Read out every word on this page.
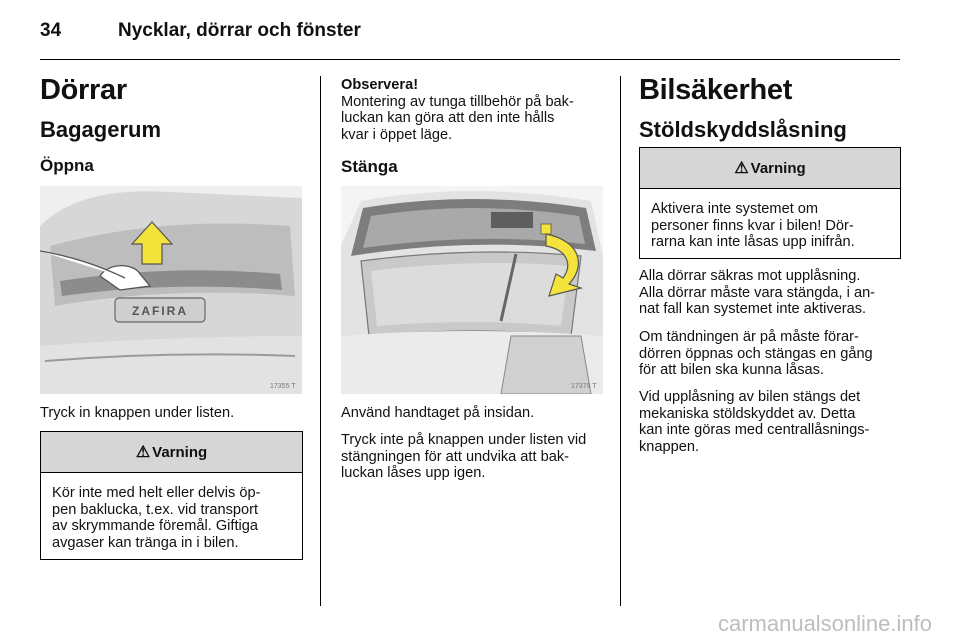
34	Nycklar, dörrar och fönster
Dörrar
Bagagerum
Öppna
ZAFIRA
17355 T
Tryck in knappen under listen.
⚠ Varning
Kör inte med helt eller delvis öp-
pen baklucka, t.ex. vid transport
av skrymmande föremål. Giftiga
avgaser kan tränga in i bilen.
Observera!
Montering av tunga tillbehör på bak-
luckan kan göra att den inte hålls
kvar i öppet läge.
Stänga
17379 T
Använd handtaget på insidan.
Tryck inte på knappen under listen vid
stängningen för att undvika att bak-
luckan låses upp igen.
Bilsäkerhet
Stöldskyddslåsning
⚠ Varning
Aktivera inte systemet om
personer finns kvar i bilen! Dör-
rarna kan inte låsas upp inifrån.
Alla dörrar säkras mot upplåsning.
Alla dörrar måste vara stängda, i an-
nat fall kan systemet inte aktiveras.
Om tändningen är på måste förar-
dörren öppnas och stängas en gång
för att bilen ska kunna låsas.
Vid upplåsning av bilen stängs det
mekaniska stöldskyddet av. Detta
kan inte göras med centrallåsnings-
knappen.
carmanualsonline.info
